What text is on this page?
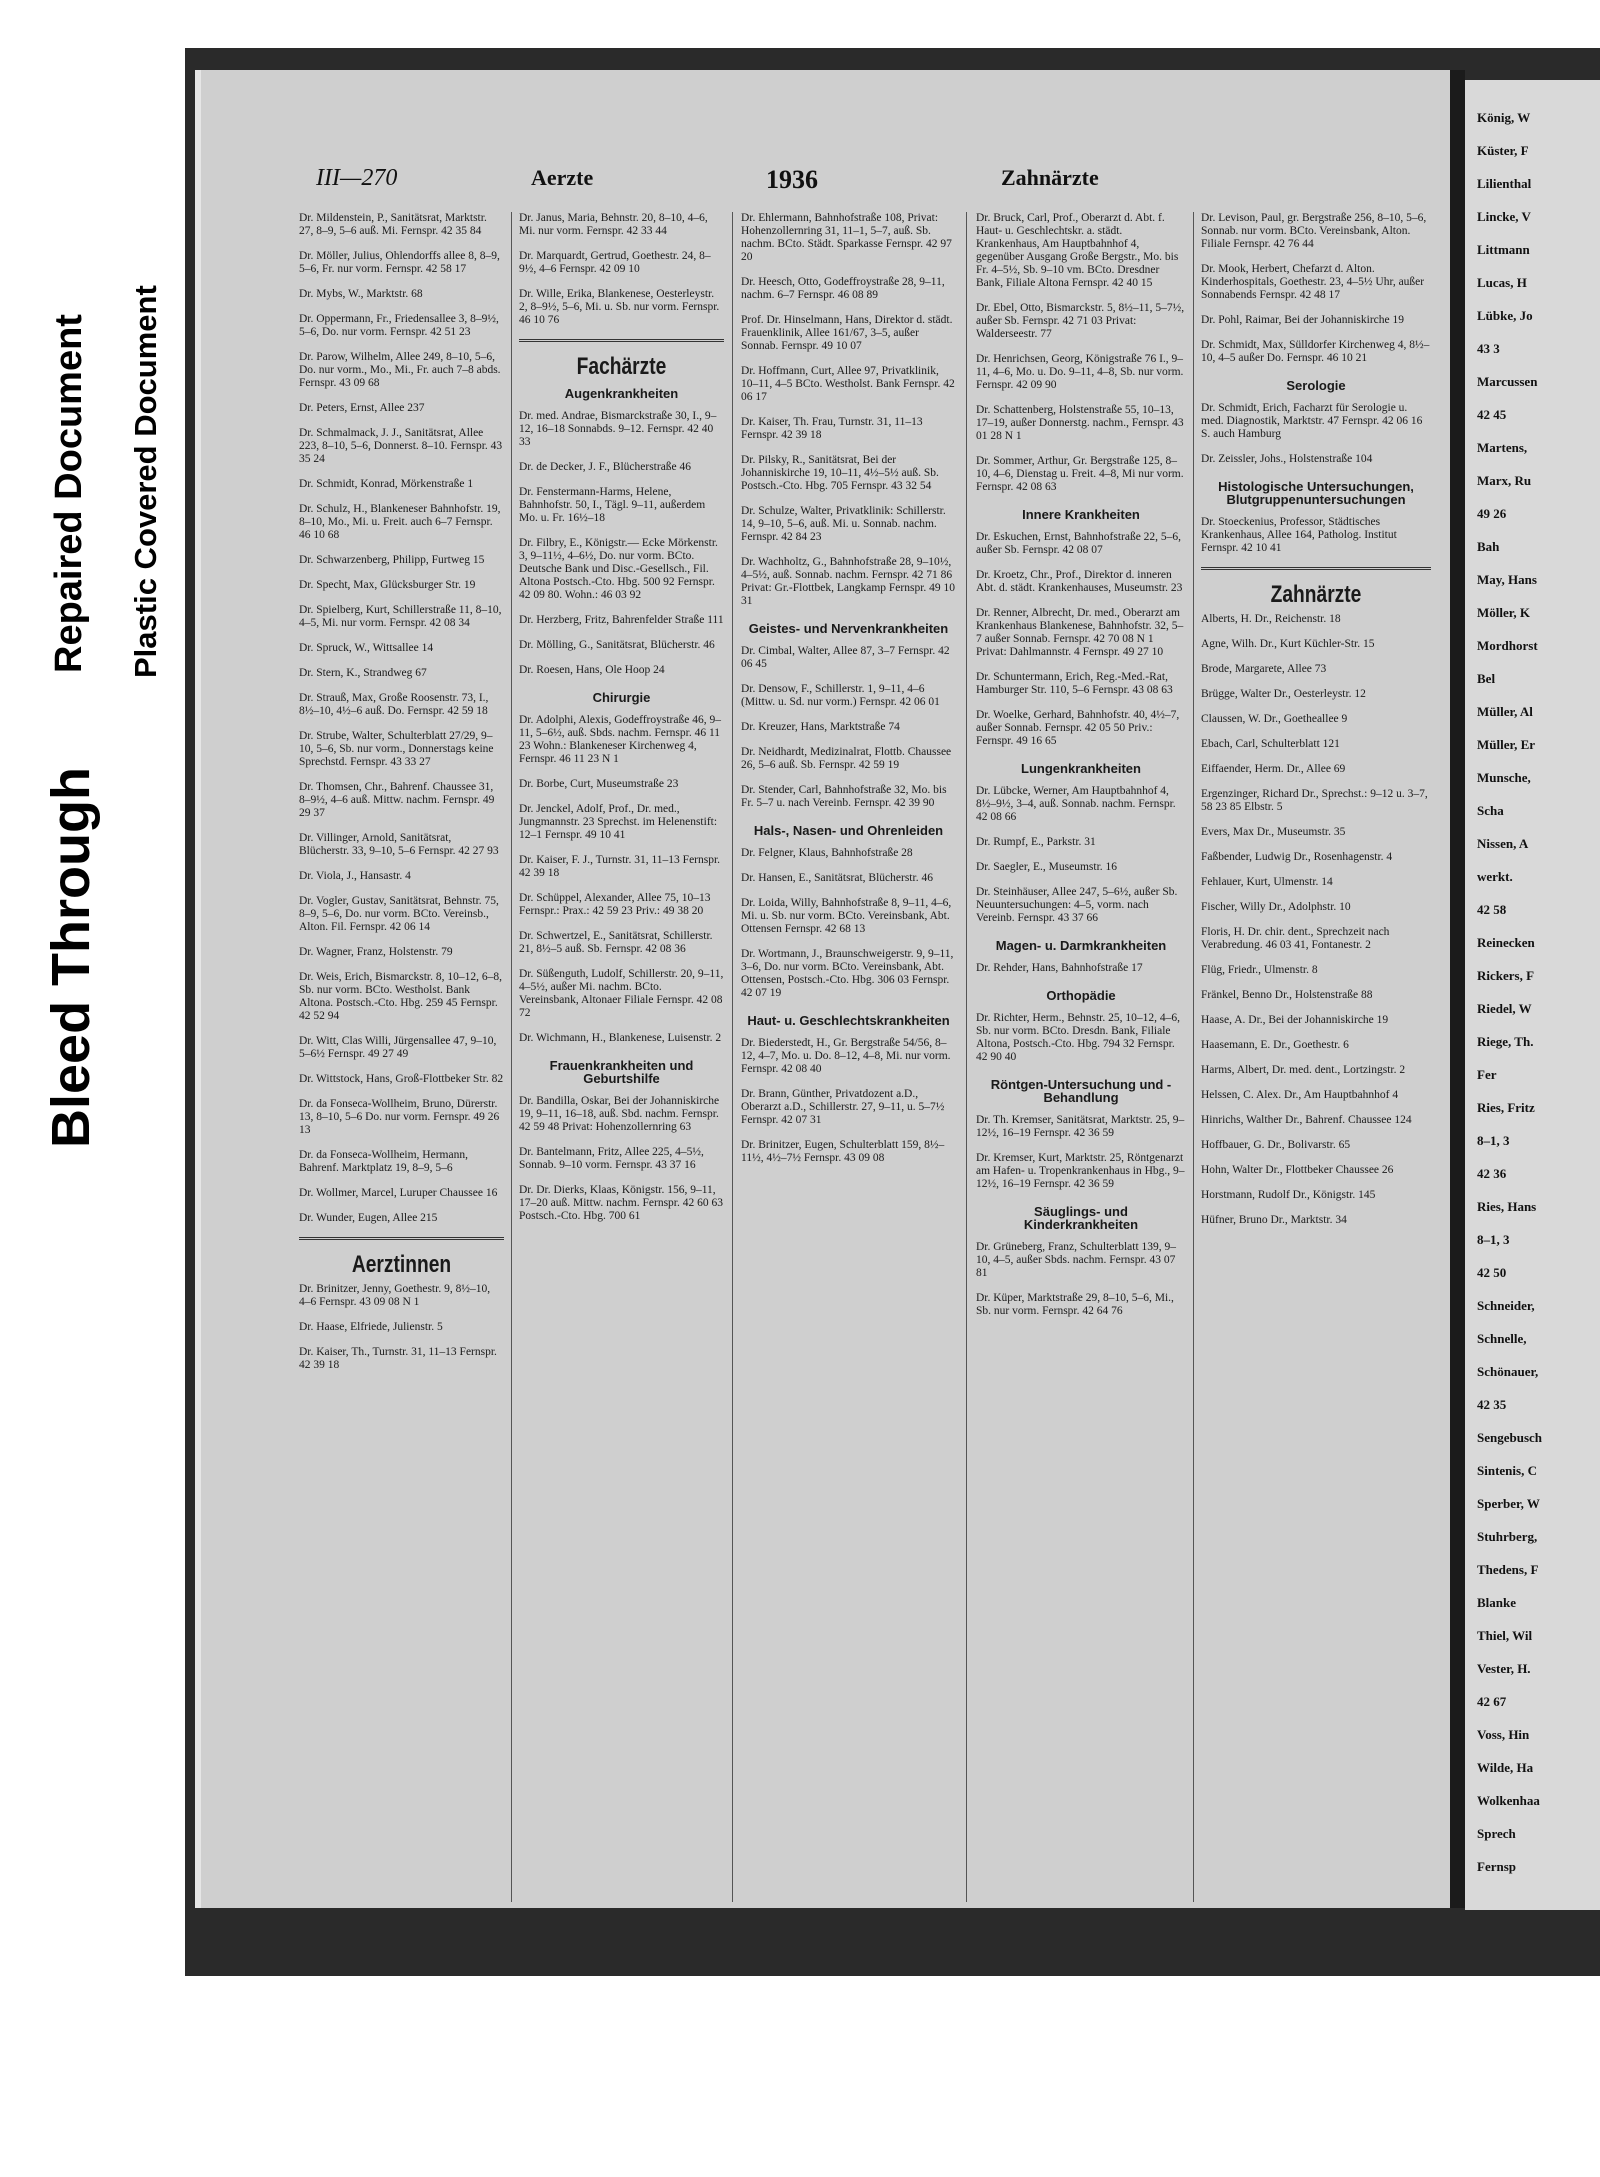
Bleed Through
Repaired Document Plastic Covered Document
III—270	Aerzte	1936	Zahnärzte
Dr. Mildenstein, P., Sanitätsrat, Marktstr. 27, 8–9, 5–6 auß. Mi. Fernspr. 42 35 84
Dr. Möller, Julius, Ohlendorffs allee 8, 8–9, 5–6, Fr. nur vorm. Fernspr. 42 58 17
Dr. Mybs, W., Marktstr. 68
Dr. Oppermann, Fr., Friedensallee 3, 8–9½, 5–6, Do. nur vorm. Fernspr. 42 51 23
Dr. Parow, Wilhelm, Allee 249, 8–10, 5–6, Do. nur vorm., Mo., Mi., Fr. auch 7–8 abds. Fernspr. 43 09 68
Dr. Peters, Ernst, Allee 237
Dr. Schmalmack, J. J., Sanitätsrat, Allee 223, 8–10, 5–6, Donnerst. 8–10. Fernspr. 43 35 24
Dr. Schmidt, Konrad, Mörkenstraße 1
Dr. Schulz, H., Blankeneser Bahnhofstr. 19, 8–10, Mo., Mi. u. Freit. auch 6–7 Fernspr. 46 10 68
Dr. Schwarzenberg, Philipp, Furtweg 15
Dr. Specht, Max, Glücksburger Str. 19
Dr. Spielberg, Kurt, Schillerstraße 11, 8–10, 4–5, Mi. nur vorm. Fernspr. 42 08 34
Dr. Spruck, W., Wittsallee 14
Dr. Stern, K., Strandweg 67
Dr. Strauß, Max, Große Roosenstr. 73, I., 8½–10, 4½–6 auß. Do. Fernspr. 42 59 18
Dr. Strube, Walter, Schulterblatt 27/29, 9–10, 5–6, Sb. nur vorm., Donnerstags keine Sprechstd. Fernspr. 43 33 27
Dr. Thomsen, Chr., Bahrenf. Chaussee 31, 8–9½, 4–6 auß. Mittw. nachm. Fernspr. 49 29 37
Dr. Villinger, Arnold, Sanitätsrat, Blücherstr. 33, 9–10, 5–6 Fernspr. 42 27 93
Dr. Viola, J., Hansastr. 4
Dr. Vogler, Gustav, Sanitätsrat, Behnstr. 75, 8–9, 5–6, Do. nur vorm. BCto. Vereinsb., Alton. Fil. Fernspr. 42 06 14
Dr. Wagner, Franz, Holstenstr. 79
Dr. Weis, Erich, Bismarckstr. 8, 10–12, 6–8, Sb. nur vorm. BCto. Westholst. Bank Altona. Postsch.-Cto. Hbg. 259 45 Fernspr. 42 52 94
Dr. Witt, Clas Willi, Jürgensallee 47, 9–10, 5–6½ Fernspr. 49 27 49
Dr. Wittstock, Hans, Groß-Flottbeker Str. 82
Dr. da Fonseca-Wollheim, Bruno, Dürerstr. 13, 8–10, 5–6 Do. nur vorm. Fernspr. 49 26 13
Dr. da Fonseca-Wollheim, Hermann, Bahrenf. Marktplatz 19, 8–9, 5–6
Dr. Wollmer, Marcel, Luruper Chaussee 16
Dr. Wunder, Eugen, Allee 215
Aerztinnen
Dr. Brinitzer, Jenny, Goethestr. 9, 8½–10, 4–6 Fernspr. 43 09 08 N 1
Dr. Haase, Elfriede, Julienstr. 5
Dr. Kaiser, Th., Turnstr. 31, 11–13 Fernspr. 42 39 18
Dr. Janus, Maria, Behnstr. 20, 8–10, 4–6, Mi. nur vorm. Fernspr. 42 33 44
Dr. Marquardt, Gertrud, Goethestr. 24, 8–9½, 4–6 Fernspr. 42 09 10
Dr. Wille, Erika, Blankenese, Oesterleystr. 2, 8–9½, 5–6, Mi. u. Sb. nur vorm. Fernspr. 46 10 76
Fachärzte
Augenkrankheiten
Dr. med. Andrae, Bismarckstraße 30, I., 9–12, 16–18 Sonnabds. 9–12. Fernspr. 42 40 33
Dr. de Decker, J. F., Blücherstraße 46
Dr. Fenstermann-Harms, Helene, Bahnhofstr. 50, I., Tägl. 9–11, außerdem Mo. u. Fr. 16½–18
Dr. Filbry, E., Königstr.— Ecke Mörkenstr. 3, 9–11½, 4–6½, Do. nur vorm. BCto. Deutsche Bank und Disc.-Gesellsch., Fil. Altona Postsch.-Cto. Hbg. 500 92 Fernspr. 42 09 80. Wohn.: 46 03 92
Dr. Herzberg, Fritz, Bahrenfelder Straße 111
Dr. Mölling, G., Sanitätsrat, Blücherstr. 46
Dr. Roesen, Hans, Ole Hoop 24
Chirurgie
Dr. Adolphi, Alexis, Godeffroystraße 46, 9–11, 5–6½, auß. Sbds. nachm. Fernspr. 46 11 23 Wohn.: Blankeneser Kirchenweg 4, Fernspr. 46 11 23 N 1
Dr. Borbe, Curt, Museumstraße 23
Dr. Jenckel, Adolf, Prof., Dr. med., Jungmannstr. 23 Sprechst. im Helenenstift: 12–1 Fernspr. 49 10 41
Dr. Kaiser, F. J., Turnstr. 31, 11–13 Fernspr. 42 39 18
Dr. Schüppel, Alexander, Allee 75, 10–13 Fernspr.: Prax.: 42 59 23 Priv.: 49 38 20
Dr. Schwertzel, E., Sanitätsrat, Schillerstr. 21, 8½–5 auß. Sb. Fernspr. 42 08 36
Dr. Süßenguth, Ludolf, Schillerstr. 20, 9–11, 4–5½, außer Mi. nachm. BCto. Vereinsbank, Altonaer Filiale Fernspr. 42 08 72
Dr. Wichmann, H., Blankenese, Luisenstr. 2
Frauenkrankheiten und Geburtshilfe
Dr. Bandilla, Oskar, Bei der Johanniskirche 19, 9–11, 16–18, auß. Sbd. nachm. Fernspr. 42 59 48 Privat: Hohenzollernring 63
Dr. Bantelmann, Fritz, Allee 225, 4–5½, Sonnab. 9–10 vorm. Fernspr. 43 37 16
Dr. Dr. Dierks, Klaas, Königstr. 156, 9–11, 17–20 auß. Mittw. nachm. Fernspr. 42 60 63 Postsch.-Cto. Hbg. 700 61
Dr. Ehlermann, Bahnhofstraße 108, Privat: Hohenzollernring 31, 11–1, 5–7, auß. Sb. nachm. BCto. Städt. Sparkasse Fernspr. 42 97 20
Dr. Heesch, Otto, Godeffroystraße 28, 9–11, nachm. 6–7 Fernspr. 46 08 89
Prof. Dr. Hinselmann, Hans, Direktor d. städt. Frauenklinik, Allee 161/67, 3–5, außer Sonnab. Fernspr. 49 10 07
Dr. Hoffmann, Curt, Allee 97, Privatklinik, 10–11, 4–5 BCto. Westholst. Bank Fernspr. 42 06 17
Dr. Kaiser, Th. Frau, Turnstr. 31, 11–13 Fernspr. 42 39 18
Dr. Pilsky, R., Sanitätsrat, Bei der Johanniskirche 19, 10–11, 4½–5½ auß. Sb. Postsch.-Cto. Hbg. 705 Fernspr. 43 32 54
Dr. Schulze, Walter, Privatklinik: Schillerstr. 14, 9–10, 5–6, auß. Mi. u. Sonnab. nachm. Fernspr. 42 84 23
Dr. Wachholtz, G., Bahnhofstraße 28, 9–10½, 4–5½, auß. Sonnab. nachm. Fernspr. 42 71 86 Privat: Gr.-Flottbek, Langkamp Fernspr. 49 10 31
Geistes- und Nervenkrankheiten
Dr. Cimbal, Walter, Allee 87, 3–7 Fernspr. 42 06 45
Dr. Densow, F., Schillerstr. 1, 9–11, 4–6 (Mittw. u. Sd. nur vorm.) Fernspr. 42 06 01
Dr. Kreuzer, Hans, Marktstraße 74
Dr. Neidhardt, Medizinalrat, Flottb. Chaussee 26, 5–6 auß. Sb. Fernspr. 42 59 19
Dr. Stender, Carl, Bahnhofstraße 32, Mo. bis Fr. 5–7 u. nach Vereinb. Fernspr. 42 39 90
Hals-, Nasen- und Ohrenleiden
Dr. Felgner, Klaus, Bahnhofstraße 28
Dr. Hansen, E., Sanitätsrat, Blücherstr. 46
Dr. Loida, Willy, Bahnhofstraße 8, 9–11, 4–6, Mi. u. Sb. nur vorm. BCto. Vereinsbank, Abt. Ottensen Fernspr. 42 68 13
Dr. Wortmann, J., Braunschweigerstr. 9, 9–11, 3–6, Do. nur vorm. BCto. Vereinsbank, Abt. Ottensen, Postsch.-Cto. Hbg. 306 03 Fernspr. 42 07 19
Haut- u. Geschlechtskrankheiten
Dr. Biederstedt, H., Gr. Bergstraße 54/56, 8–12, 4–7, Mo. u. Do. 8–12, 4–8, Mi. nur vorm. Fernspr. 42 08 40
Dr. Brann, Günther, Privatdozent a.D., Oberarzt a.D., Schillerstr. 27, 9–11, u. 5–7½ Fernspr. 42 07 31
Dr. Brinitzer, Eugen, Schulterblatt 159, 8½–11½, 4½–7½ Fernspr. 43 09 08
Dr. Bruck, Carl, Prof., Oberarzt d. Abt. f. Haut- u. Geschlechtskr. a. städt. Krankenhaus, Am Hauptbahnhof 4, gegenüber Ausgang Große Bergstr., Mo. bis Fr. 4–5½, Sb. 9–10 vm. BCto. Dresdner Bank, Filiale Altona Fernspr. 42 40 15
Dr. Ebel, Otto, Bismarckstr. 5, 8½–11, 5–7½, außer Sb. Fernspr. 42 71 03 Privat: Walderseestr. 77
Dr. Henrichsen, Georg, Königstraße 76 I., 9–11, 4–6, Mo. u. Do. 9–11, 4–8, Sb. nur vorm. Fernspr. 42 09 90
Dr. Schattenberg, Holstenstraße 55, 10–13, 17–19, außer Donnerstg. nachm., Fernspr. 43 01 28 N 1
Dr. Sommer, Arthur, Gr. Bergstraße 125, 8–10, 4–6, Dienstag u. Freit. 4–8, Mi nur vorm. Fernspr. 42 08 63
Innere Krankheiten
Dr. Eskuchen, Ernst, Bahnhofstraße 22, 5–6, außer Sb. Fernspr. 42 08 07
Dr. Kroetz, Chr., Prof., Direktor d. inneren Abt. d. städt. Krankenhauses, Museumstr. 23
Dr. Renner, Albrecht, Dr. med., Oberarzt am Krankenhaus Blankenese, Bahnhofstr. 32, 5–7 außer Sonnab. Fernspr. 42 70 08 N 1 Privat: Dahlmannstr. 4 Fernspr. 49 27 10
Dr. Schuntermann, Erich, Reg.-Med.-Rat, Hamburger Str. 110, 5–6 Fernspr. 43 08 63
Dr. Woelke, Gerhard, Bahnhofstr. 40, 4½–7, außer Sonnab. Fernspr. 42 05 50 Priv.: Fernspr. 49 16 65
Lungenkrankheiten
Dr. Lübcke, Werner, Am Hauptbahnhof 4, 8½–9½, 3–4, auß. Sonnab. nachm. Fernspr. 42 08 66
Dr. Rumpf, E., Parkstr. 31
Dr. Saegler, E., Museumstr. 16
Dr. Steinhäuser, Allee 247, 5–6½, außer Sb. Neuuntersuchungen: 4–5, vorm. nach Vereinb. Fernspr. 43 37 66
Magen- u. Darmkrankheiten
Dr. Rehder, Hans, Bahnhofstraße 17
Orthopädie
Dr. Richter, Herm., Behnstr. 25, 10–12, 4–6, Sb. nur vorm. BCto. Dresdn. Bank, Filiale Altona, Postsch.-Cto. Hbg. 794 32 Fernspr. 42 90 40
Röntgen-Untersuchung und -Behandlung
Dr. Th. Kremser, Sanitätsrat, Marktstr. 25, 9–12½, 16–19 Fernspr. 42 36 59
Dr. Kremser, Kurt, Marktstr. 25, Röntgenarzt am Hafen- u. Tropenkrankenhaus in Hbg., 9–12½, 16–19 Fernspr. 42 36 59
Säuglings- und Kinderkrankheiten
Dr. Grüneberg, Franz, Schulterblatt 139, 9–10, 4–5, außer Sbds. nachm. Fernspr. 43 07 81
Dr. Küper, Marktstraße 29, 8–10, 5–6, Mi., Sb. nur vorm. Fernspr. 42 64 76
Dr. Levison, Paul, gr. Bergstraße 256, 8–10, 5–6, Sonnab. nur vorm. BCto. Vereinsbank, Alton. Filiale Fernspr. 42 76 44
Dr. Mook, Herbert, Chefarzt d. Alton. Kinderhospitals, Goethestr. 23, 4–5½ Uhr, außer Sonnabends Fernspr. 42 48 17
Dr. Pohl, Raimar, Bei der Johanniskirche 19
Dr. Schmidt, Max, Sülldorfer Kirchenweg 4, 8½–10, 4–5 außer Do. Fernspr. 46 10 21
Serologie
Dr. Schmidt, Erich, Facharzt für Serologie u. med. Diagnostik, Marktstr. 47 Fernspr. 42 06 16 S. auch Hamburg
Dr. Zeissler, Johs., Holstenstraße 104
Histologische Untersuchungen, Blutgruppenuntersuchungen
Dr. Stoeckenius, Professor, Städtisches Krankenhaus, Allee 164, Patholog. Institut Fernspr. 42 10 41
Zahnärzte
Alberts, H. Dr., Reichenstr. 18
Agne, Wilh. Dr., Kurt Küchler-Str. 15
Brode, Margarete, Allee 73
Brügge, Walter Dr., Oesterleystr. 12
Claussen, W. Dr., Goetheallee 9
Ebach, Carl, Schulterblatt 121
Eiffaender, Herm. Dr., Allee 69
Ergenzinger, Richard Dr., Sprechst.: 9–12 u. 3–7, 58 23 85 Elbstr. 5
Evers, Max Dr., Museumstr. 35
Faßbender, Ludwig Dr., Rosenhagenstr. 4
Fehlauer, Kurt, Ulmenstr. 14
Fischer, Willy Dr., Adolphstr. 10
Floris, H. Dr. chir. dent., Sprechzeit nach Verabredung. 46 03 41, Fontanestr. 2
Flüg, Friedr., Ulmenstr. 8
Fränkel, Benno Dr., Holstenstraße 88
Haase, A. Dr., Bei der Johanniskirche 19
Haasemann, E. Dr., Goethestr. 6
Harms, Albert, Dr. med. dent., Lortzingstr. 2
Helssen, C. Alex. Dr., Am Hauptbahnhof 4
Hinrichs, Walther Dr., Bahrenf. Chaussee 124
Hoffbauer, G. Dr., Bolivarstr. 65
Hohn, Walter Dr., Flottbeker Chaussee 26
Horstmann, Rudolf Dr., Königstr. 145
Hüfner, Bruno Dr., Marktstr. 34
König, W
Küster, F
Lilienthal
Lincke, V
Littmann
Lucas, H
Lübke, Jo
43 3
Marcussen
42 45
Martens,
Marx, Ru
49 26
Bah
May, Hans
Möller, K
Mordhorst
Bel
Müller, Al
Müller, Er
Munsche,
Scha
Nissen, A
werkt.
42 58
Reinecken
Rickers, F
Riedel, W
Riege, Th.
Fer
Ries, Fritz
8–1, 3
42 36
Ries, Hans
8–1, 3
42 50
Schneider,
Schnelle,
Schönauer,
42 35
Sengebusch
Sintenis, C
Sperber, W
Stuhrberg,
Thedens, F
Blanke
Thiel, Wil
Vester, H.
42 67
Voss, Hin
Wilde, Ha
Wolkenhaa
Sprech
Fernsp
